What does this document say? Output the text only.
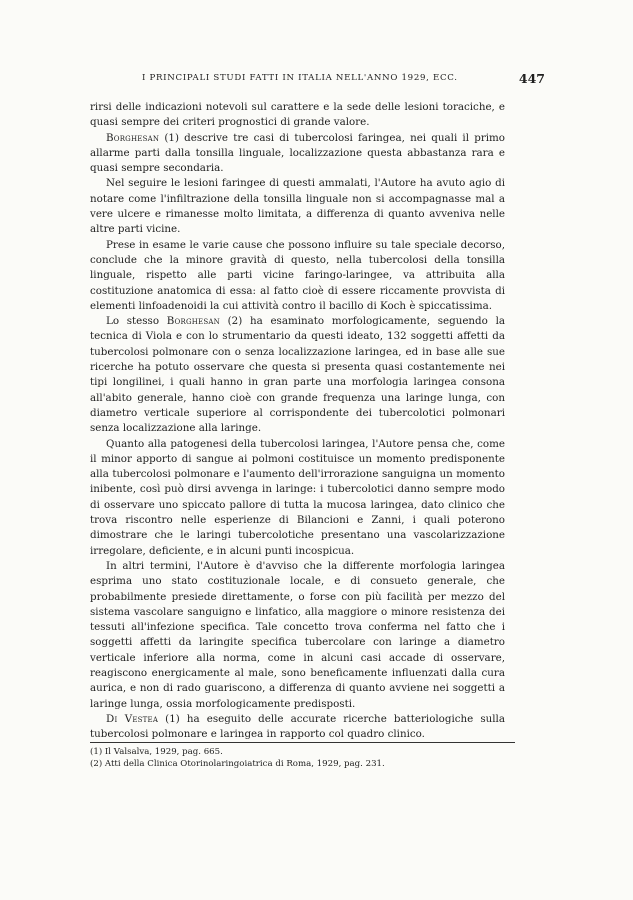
I PRINCIPALI STUDI FATTI IN ITALIA NELL'ANNO 1929, ECC.	447

rirsi delle indicazioni notevoli sul carattere e la sede delle lesioni toraciche, e quasi sempre dei criteri prognostici di grande valore.

Borghesan (1) descrive tre casi di tubercolosi faringea, nei quali il primo allarme parti dalla tonsilla linguale, localizzazione questa abbastanza rara e quasi sempre secondaria.

Nel seguire le lesioni faringee di questi ammalati, l'Autore ha avuto agio di notare come l'infiltrazione della tonsilla linguale non si accompagnasse mal a vere ulcere e rimanesse molto limitata, a differenza di quanto avveniva nelle altre parti vicine.

Prese in esame le varie cause che possono influire su tale speciale decorso, conclude che la minore gravità di questo, nella tubercolosi della tonsilla linguale, rispetto alle parti vicine faringo-laringee, va attribuita alla costituzione anatomica di essa: al fatto cioè di essere riccamente provvista di elementi linfoadenoidi la cui attività contro il bacillo di Koch è spiccatissima.

Lo stesso Borghesan (2) ha esaminato morfologicamente, seguendo la tecnica di Viola e con lo strumentario da questi ideato, 132 soggetti affetti da tubercolosi polmonare con o senza localizzazione laringea, ed in base alle sue ricerche ha potuto osservare che questa si presenta quasi costantemente nei tipi longilinei, i quali hanno in gran parte una morfologia laringea consona all'abito generale, hanno cioè con grande frequenza una laringe lunga, con diametro verticale superiore al corrispondente dei tubercolotici polmonari senza localizzazione alla laringe.

Quanto alla patogenesi della tubercolosi laringea, l'Autore pensa che, come il minor apporto di sangue ai polmoni costituisce un momento predisponente alla tubercolosi polmonare e l'aumento dell'irrorazione sanguigna un momento inibente, così può dirsi avvenga in laringe: i tubercolotici danno sempre modo di osservare uno spiccato pallore di tutta la mucosa laringea, dato clinico che trova riscontro nelle esperienze di Bilancioni e Zanni, i quali poterono dimostrare che le laringi tubercolotiche presentano una vascolarizzazione irregolare, deficiente, e in alcuni punti incospicua.

In altri termini, l'Autore è d'avviso che la differente morfologia laringea esprima uno stato costituzionale locale, e di consueto generale, che probabilmente presiede direttamente, o forse con più facilità per mezzo del sistema vascolare sanguigno e linfatico, alla maggiore o minore resistenza dei tessuti all'infezione specifica. Tale concetto trova conferma nel fatto che i soggetti affetti da laringite specifica tubercolare con laringe a diametro verticale inferiore alla norma, come in alcuni casi accade di osservare, reagiscono energicamente al male, sono beneficamente influenzati dalla cura aurica, e non di rado guariscono, a differenza di quanto avviene nei soggetti a laringe lunga, ossia morfologicamente predisposti.

Di Vestea (1) ha eseguito delle accurate ricerche batteriologiche sulla tubercolosi polmonare e laringea in rapporto col quadro clinico.

(1) Il Valsalva, 1929, pag. 665.
(2) Atti della Clinica Otorinolaringoiatrica di Roma, 1929, pag. 231.
